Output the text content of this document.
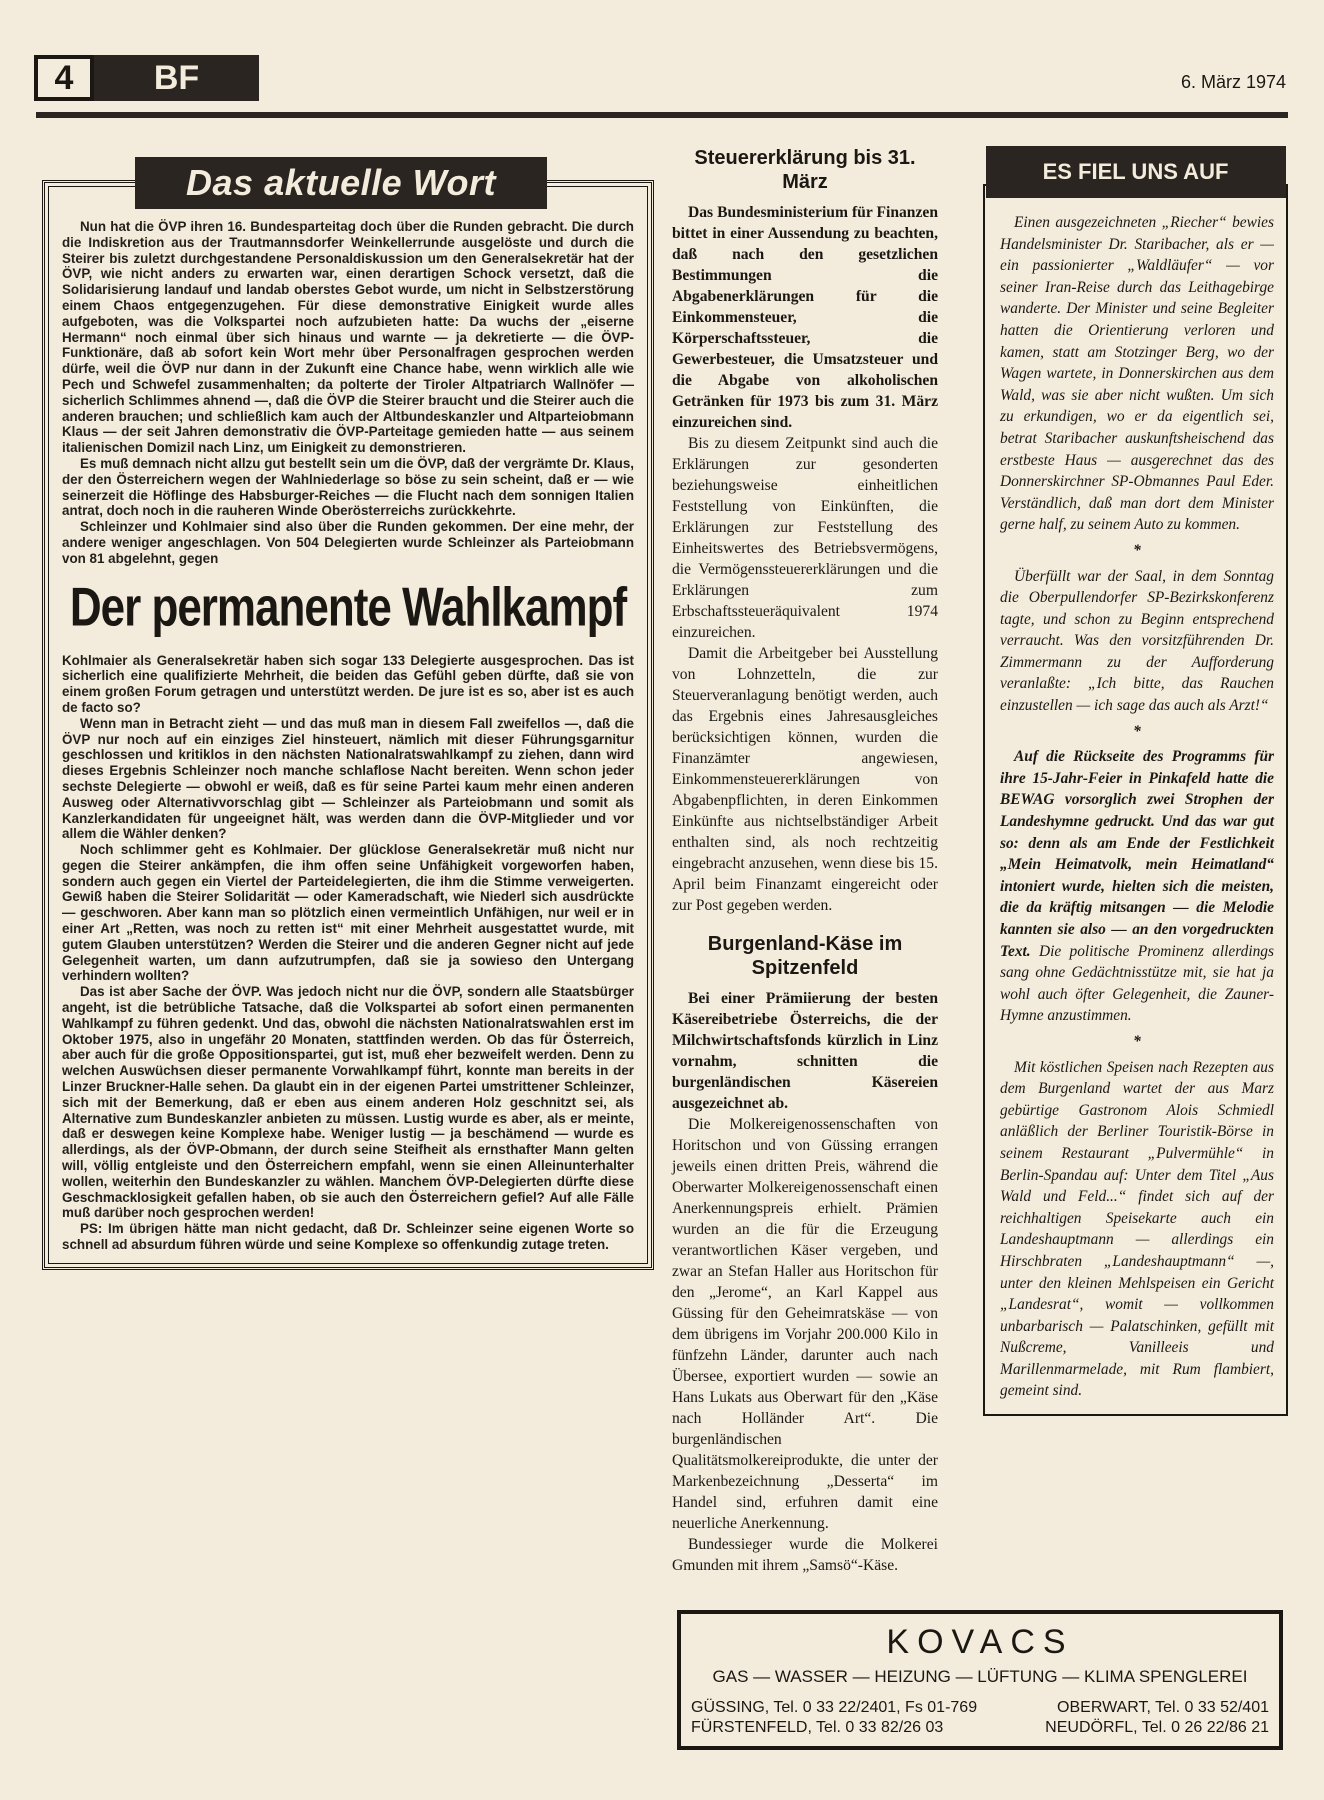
4	BF	6. März 1974
Das aktuelle Wort

Nun hat die ÖVP ihren 16. Bundesparteitag doch über die Runden gebracht. Die durch die Indiskretion aus der Trautmannsdorfer Weinkellerrunde ausgelöste und durch die Steirer bis zuletzt durchgestandene Personaldiskussion um den Generalsekretär hat der ÖVP, wie nicht anders zu erwarten war, einen derartigen Schock versetzt, daß die Solidarisierung landauf und landab oberstes Gebot wurde, um nicht in Selbstzerstörung einem Chaos entgegenzugehen. Für diese demonstrative Einigkeit wurde alles aufgeboten, was die Volkspartei noch aufzubieten hatte: Da wuchs der „eiserne Hermann“ noch einmal über sich hinaus und warnte — ja dekretierte — die ÖVP-Funktionäre, daß ab sofort kein Wort mehr über Personalfragen gesprochen werden dürfe, weil die ÖVP nur dann in der Zukunft eine Chance habe, wenn wirklich alle wie Pech und Schwefel zusammenhalten; da polterte der Tiroler Altpatriarch Wallnöfer — sicherlich Schlimmes ahnend —, daß die ÖVP die Steirer braucht und die Steirer auch die anderen brauchen; und schließlich kam auch der Altbundeskanzler und Altparteiobmann Klaus — der seit Jahren demonstrativ die ÖVP-Parteitage gemieden hatte — aus seinem italienischen Domizil nach Linz, um Einigkeit zu demonstrieren.

Es muß demnach nicht allzu gut bestellt sein um die ÖVP, daß der vergrämte Dr. Klaus, der den Österreichern wegen der Wahlniederlage so böse zu sein scheint, daß er — wie seinerzeit die Höflinge des Habsburger-Reiches — die Flucht nach dem sonnigen Italien antrat, doch noch in die rauheren Winde Oberösterreichs zurückkehrte.

Schleinzer und Kohlmaier sind also über die Runden gekommen. Der eine mehr, der andere weniger angeschlagen. Von 504 Delegierten wurde Schleinzer als Parteiobmann von 81 abgelehnt, gegen

Der permanente Wahlkampf

Kohlmaier als Generalsekretär haben sich sogar 133 Delegierte ausgesprochen. Das ist sicherlich eine qualifizierte Mehrheit, die beiden das Gefühl geben dürfte, daß sie von einem großen Forum getragen und unterstützt werden. De jure ist es so, aber ist es auch de facto so?

Wenn man in Betracht zieht — und das muß man in diesem Fall zweifellos —, daß die ÖVP nur noch auf ein einziges Ziel hinsteuert, nämlich mit dieser Führungsgarnitur geschlossen und kritiklos in den nächsten Nationalratswahlkampf zu ziehen, dann wird dieses Ergebnis Schleinzer noch manche schlaflose Nacht bereiten. Wenn schon jeder sechste Delegierte — obwohl er weiß, daß es für seine Partei kaum mehr einen anderen Ausweg oder Alternativvorschlag gibt — Schleinzer als Parteiobmann und somit als Kanzlerkandidaten für ungeeignet hält, was werden dann die ÖVP-Mitglieder und vor allem die Wähler denken?

Noch schlimmer geht es Kohlmaier. Der glücklose Generalsekretär muß nicht nur gegen die Steirer ankämpfen, die ihm offen seine Unfähigkeit vorgeworfen haben, sondern auch gegen ein Viertel der Parteidelegierten, die ihm die Stimme verweigerten. Gewiß haben die Steirer Solidarität — oder Kameradschaft, wie Niederl sich ausdrückte — geschworen. Aber kann man so plötzlich einen vermeintlich Unfähigen, nur weil er in einer Art „Retten, was noch zu retten ist“ mit einer Mehrheit ausgestattet wurde, mit gutem Glauben unterstützen? Werden die Steirer und die anderen Gegner nicht auf jede Gelegenheit warten, um dann aufzutrumpfen, daß sie ja sowieso den Untergang verhindern wollten?

Das ist aber Sache der ÖVP. Was jedoch nicht nur die ÖVP, sondern alle Staatsbürger angeht, ist die betrübliche Tatsache, daß die Volkspartei ab sofort einen permanenten Wahlkampf zu führen gedenkt. Und das, obwohl die nächsten Nationalratswahlen erst im Oktober 1975, also in ungefähr 20 Monaten, stattfinden werden. Ob das für Österreich, aber auch für die große Oppositionspartei, gut ist, muß eher bezweifelt werden. Denn zu welchen Auswüchsen dieser permanente Vorwahlkampf führt, konnte man bereits in der Linzer Bruckner-Halle sehen. Da glaubt ein in der eigenen Partei umstrittener Schleinzer, sich mit der Bemerkung, daß er eben aus einem anderen Holz geschnitzt sei, als Alternative zum Bundeskanzler anbieten zu müssen. Lustig wurde es aber, als er meinte, daß er deswegen keine Komplexe habe. Weniger lustig — ja beschämend — wurde es allerdings, als der ÖVP-Obmann, der durch seine Steifheit als ernsthafter Mann gelten will, völlig entgleiste und den Österreichern empfahl, wenn sie einen Alleinunterhalter wollen, weiterhin den Bundeskanzler zu wählen. Manchem ÖVP-Delegierten dürfte diese Geschmacklosigkeit gefallen haben, ob sie auch den Österreichern gefiel? Auf alle Fälle muß darüber noch gesprochen werden!

PS: Im übrigen hätte man nicht gedacht, daß Dr. Schleinzer seine eigenen Worte so schnell ad absurdum führen würde und seine Komplexe so offenkundig zutage treten.

Steuererklärung bis 31. März

Das Bundesministerium für Finanzen bittet in einer Aussendung zu beachten, daß nach den gesetzlichen Bestimmungen die Abgabenerklärungen für die Einkommensteuer, die Körperschaftssteuer, die Gewerbesteuer, die Umsatzsteuer und die Abgabe von alkoholischen Getränken für 1973 bis zum 31. März einzureichen sind.

Bis zu diesem Zeitpunkt sind auch die Erklärungen zur gesonderten beziehungsweise einheitlichen Feststellung von Einkünften, die Erklärungen zur Feststellung des Einheitswertes des Betriebsvermögens, die Vermögenssteuererklärungen und die Erklärungen zum Erbschaftssteueräquivalent 1974 einzureichen.

Damit die Arbeitgeber bei Ausstellung von Lohnzetteln, die zur Steuerveranlagung benötigt werden, auch das Ergebnis eines Jahresausgleiches berücksichtigen können, wurden die Finanzämter angewiesen, Einkommensteuererklärungen von Abgabenpflichten, in deren Einkommen Einkünfte aus nichtselbständiger Arbeit enthalten sind, als noch rechtzeitig eingebracht anzusehen, wenn diese bis 15. April beim Finanzamt eingereicht oder zur Post gegeben werden.

Burgenland-Käse im Spitzenfeld

Bei einer Prämiierung der besten Käsereibetriebe Österreichs, die der Milchwirtschaftsfonds kürzlich in Linz vornahm, schnitten die burgenländischen Käsereien ausgezeichnet ab.

Die Molkereigenossenschaften von Horitschon und von Güssing errangen jeweils einen dritten Preis, während die Oberwarter Molkereigenossenschaft einen Anerkennungspreis erhielt. Prämien wurden an die für die Erzeugung verantwortlichen Käser vergeben, und zwar an Stefan Haller aus Horitschon für den „Jerome“, an Karl Kappel aus Güssing für den Geheimratskäse — von dem übrigens im Vorjahr 200.000 Kilo in fünfzehn Länder, darunter auch nach Übersee, exportiert wurden — sowie an Hans Lukats aus Oberwart für den „Käse nach Holländer Art“. Die burgenländischen Qualitätsmolkereiprodukte, die unter der Markenbezeichnung „Desserta“ im Handel sind, erfuhren damit eine neuerliche Anerkennung.

Bundessieger wurde die Molkerei Gmunden mit ihrem „Samsö“-Käse.

ES FIEL UNS AUF

Einen ausgezeichneten „Riecher“ bewies Handelsminister Dr. Staribacher, als er — ein passionierter „Waldläufer“ — vor seiner Iran-Reise durch das Leithagebirge wanderte. Der Minister und seine Begleiter hatten die Orientierung verloren und kamen, statt am Stotzinger Berg, wo der Wagen wartete, in Donnerskirchen aus dem Wald, was sie aber nicht wußten. Um sich zu erkundigen, wo er da eigentlich sei, betrat Staribacher auskunftsheischend das erstbeste Haus — ausgerechnet das des Donnerskirchner SP-Obmannes Paul Eder. Verständlich, daß man dort dem Minister gerne half, zu seinem Auto zu kommen.

*

Überfüllt war der Saal, in dem Sonntag die Oberpullendorfer SP-Bezirkskonferenz tagte, und schon zu Beginn entsprechend verraucht. Was den vorsitzführenden Dr. Zimmermann zu der Aufforderung veranlaßte: „Ich bitte, das Rauchen einzustellen — ich sage das auch als Arzt!“

*

Auf die Rückseite des Programms für ihre 15-Jahr-Feier in Pinkafeld hatte die BEWAG vorsorglich zwei Strophen der Landeshymne gedruckt. Und das war gut so: denn als am Ende der Festlichkeit „Mein Heimatvolk, mein Heimatland“ intoniert wurde, hielten sich die meisten, die da kräftig mitsangen — die Melodie kannten sie also — an den vorgedruckten Text. Die politische Prominenz allerdings sang ohne Gedächtnisstütze mit, sie hat ja wohl auch öfter Gelegenheit, die Zauner-Hymne anzustimmen.

*

Mit köstlichen Speisen nach Rezepten aus dem Burgenland wartet der aus Marz gebürtige Gastronom Alois Schmiedl anläßlich der Berliner Touristik-Börse in seinem Restaurant „Pulvermühle“ in Berlin-Spandau auf: Unter dem Titel „Aus Wald und Feld...“ findet sich auf der reichhaltigen Speisekarte auch ein Landeshauptmann — allerdings ein Hirschbraten „Landeshauptmann“ —, unter den kleinen Mehlspeisen ein Gericht „Landesrat“, womit — vollkommen unbarbarisch — Palatschinken, gefüllt mit Nußcreme, Vanilleeis und Marillenmarmelade, mit Rum flambiert, gemeint sind.

KOVACS
GAS — WASSER — HEIZUNG — LÜFTUNG — KLIMA SPENGLEREI
GÜSSING, Tel. 0 33 22/2401, Fs 01-769	OBERWART, Tel. 0 33 52/401
FÜRSTENFELD, Tel. 0 33 82/26 03	NEUDÖRFL, Tel. 0 26 22/86 21
